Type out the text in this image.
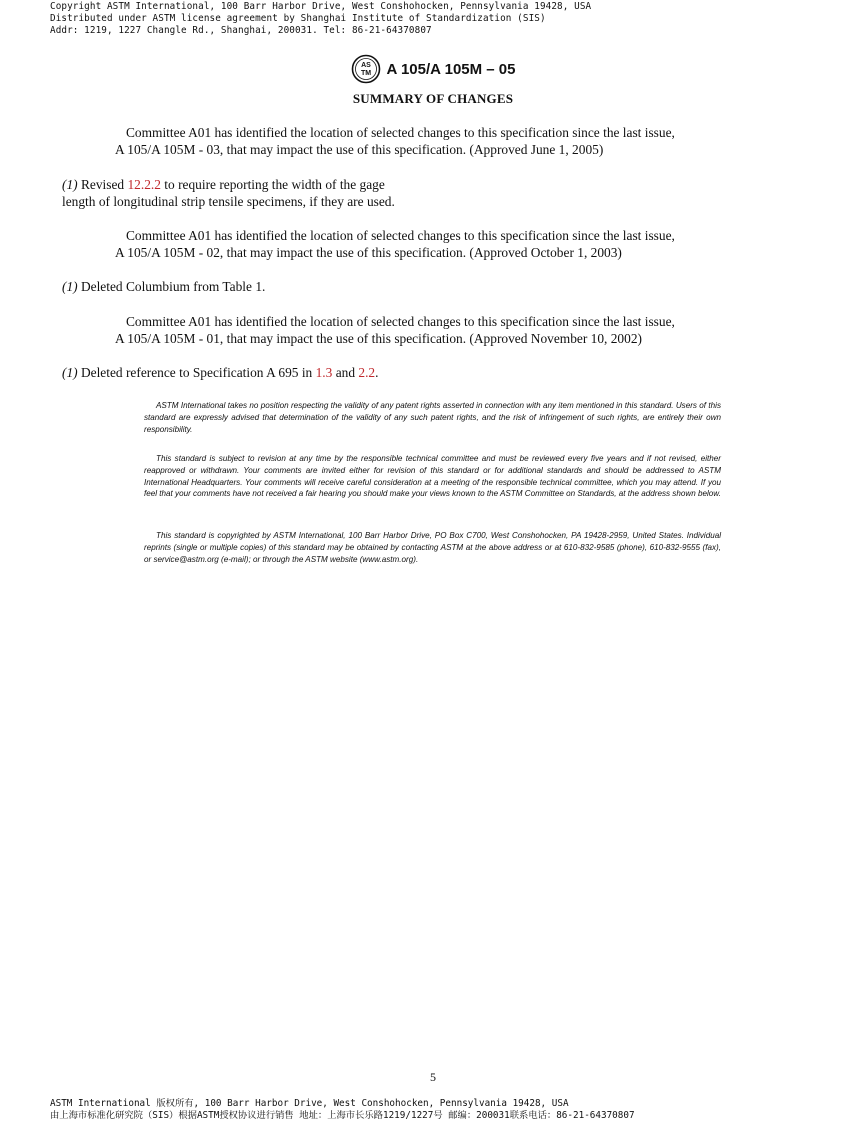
Copyright ASTM International, 100 Barr Harbor Drive, West Conshohocken, Pennsylvania 19428, USA
Distributed under ASTM license agreement by Shanghai Institute of Standardization (SIS)
Addr: 1219, 1227 Changle Rd., Shanghai, 200031. Tel: 86-21-64370807
AS
TM A 105/A 105M – 05
SUMMARY OF CHANGES
Committee A01 has identified the location of selected changes to this specification since the last issue,
A 105/A 105M - 03, that may impact the use of this specification. (Approved June 1, 2005)
(1) Revised 12.2.2 to require reporting the width of the gage
length of longitudinal strip tensile specimens, if they are used.
Committee A01 has identified the location of selected changes to this specification since the last issue,
A 105/A 105M - 02, that may impact the use of this specification. (Approved October 1, 2003)
(1) Deleted Columbium from Table 1.
Committee A01 has identified the location of selected changes to this specification since the last issue,
A 105/A 105M - 01, that may impact the use of this specification. (Approved November 10, 2002)
(1) Deleted reference to Specification A 695 in 1.3 and 2.2.
ASTM International takes no position respecting the validity of any patent rights asserted in connection with any item mentioned in this standard. Users of this standard are expressly advised that determination of the validity of any such patent rights, and the risk of infringement of such rights, are entirely their own responsibility.
This standard is subject to revision at any time by the responsible technical committee and must be reviewed every five years and if not revised, either reapproved or withdrawn. Your comments are invited either for revision of this standard or for additional standards and should be addressed to ASTM International Headquarters. Your comments will receive careful consideration at a meeting of the responsible technical committee, which you may attend. If you feel that your comments have not received a fair hearing you should make your views known to the ASTM Committee on Standards, at the address shown below.
This standard is copyrighted by ASTM International, 100 Barr Harbor Drive, PO Box C700, West Conshohocken, PA 19428-2959, United States. Individual reprints (single or multiple copies) of this standard may be obtained by contacting ASTM at the above address or at 610-832-9585 (phone), 610-832-9555 (fax), or service@astm.org (e-mail); or through the ASTM website (www.astm.org).
5
ASTM International 版权所有, 100 Barr Harbor Drive, West Conshohocken, Pennsylvania 19428, USA
由上海市标准化研究院（SIS）根据ASTM授权协议进行销售 地址：上海市长乐路1219/1227号 邮编：200031联系电话：86-21-64370807
